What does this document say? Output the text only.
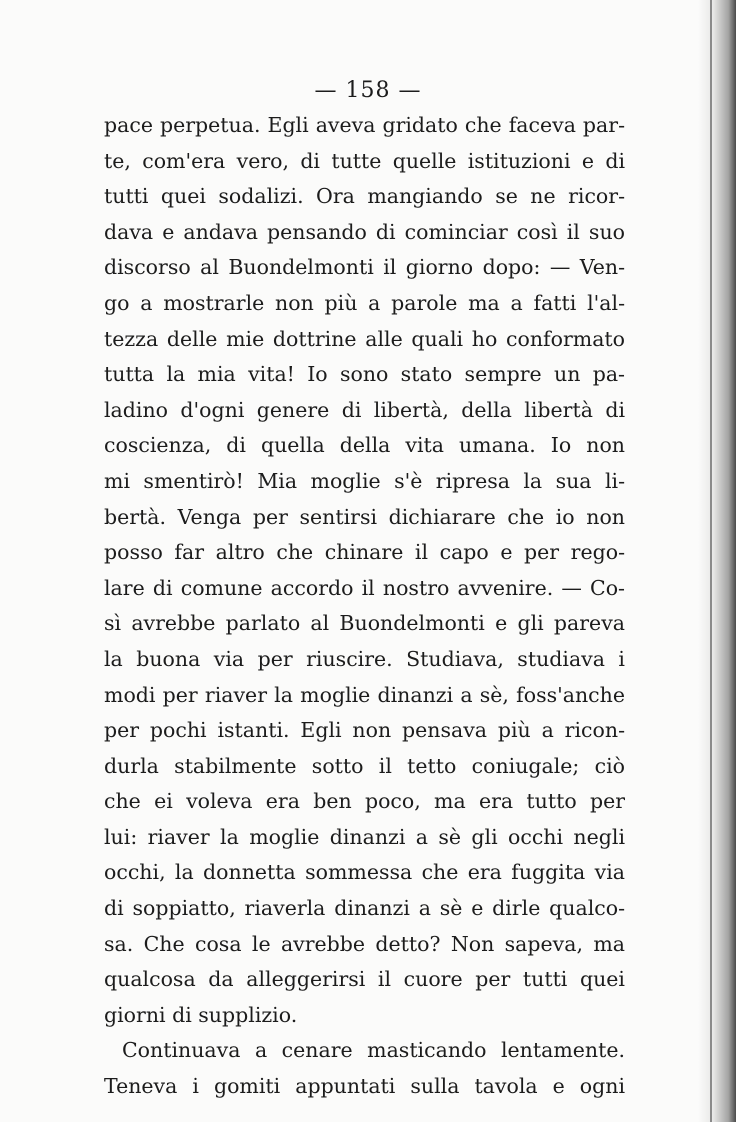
— 158 —
pace perpetua. Egli aveva gridato che faceva par-
te, com'era vero, di tutte quelle istituzioni e di
tutti quei sodalizi. Ora mangiando se ne ricor-
dava e andava pensando di cominciar così il suo
discorso al Buondelmonti il giorno dopo: — Ven-
go a mostrarle non più a parole ma a fatti l'al-
tezza delle mie dottrine alle quali ho conformato
tutta la mia vita! Io sono stato sempre un pa-
ladino d'ogni genere di libertà, della libertà di
coscienza, di quella della vita umana. Io non
mi smentirò! Mia moglie s'è ripresa la sua li-
bertà. Venga per sentirsi dichiarare che io non
posso far altro che chinare il capo e per rego-
lare di comune accordo il nostro avvenire. — Co-
sì avrebbe parlato al Buondelmonti e gli pareva
la buona via per riuscire. Studiava, studiava i
modi per riaver la moglie dinanzi a sè, foss'anche
per pochi istanti. Egli non pensava più a ricon-
durla stabilmente sotto il tetto coniugale; ciò
che ei voleva era ben poco, ma era tutto per
lui: riaver la moglie dinanzi a sè gli occhi negli
occhi, la donnetta sommessa che era fuggita via
di soppiatto, riaverla dinanzi a sè e dirle qualco-
sa. Che cosa le avrebbe detto? Non sapeva, ma
qualcosa da alleggerirsi il cuore per tutti quei
giorni di supplizio.
Continuava a cenare masticando lentamente.
Teneva i gomiti appuntati sulla tavola e ogni
